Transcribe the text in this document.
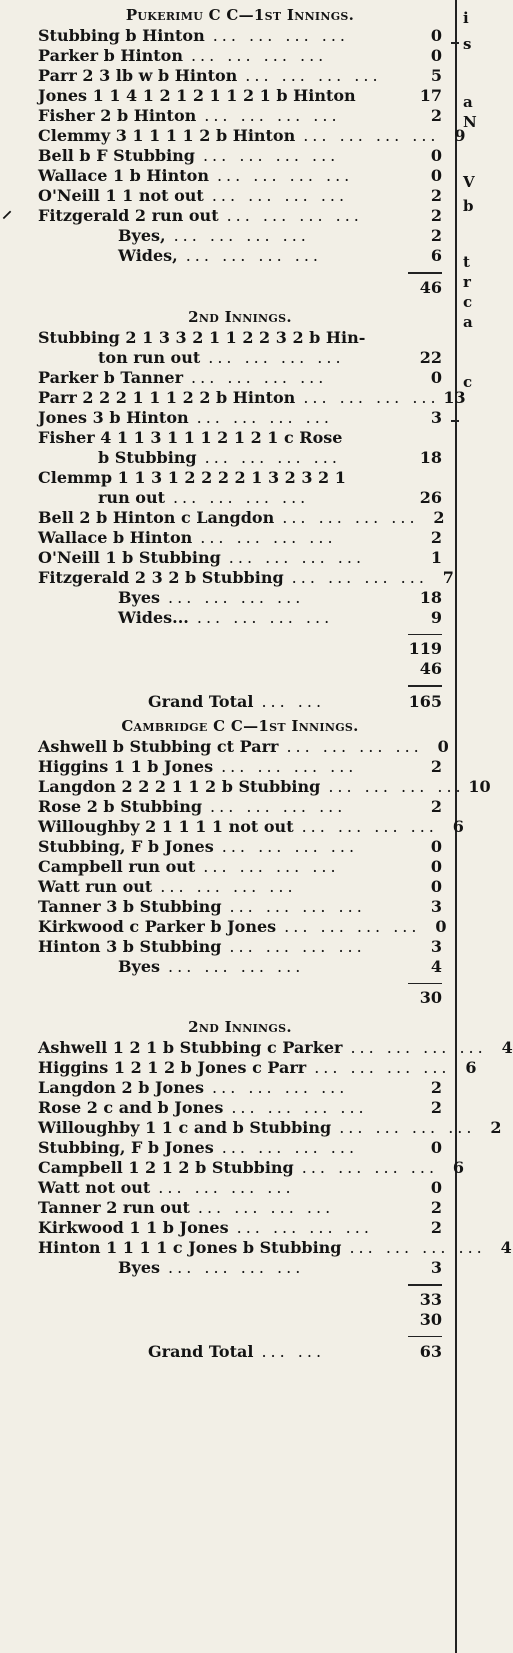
⸝
Pukerimu C C—1st Innings.
Stubbing b Hinton ... ... ... ...	0
Parker b Hinton ... ... ... ...	0
Parr 2 3 lb w b Hinton ... ... ... ...	5
Jones 1 1 4 1 2 1 2 1 1 2 1 b Hinton	17
Fisher 2 b Hinton ... ... ... ...	2
Clemmy 3 1 1 1 1 2 b Hinton ... ... ... ... 9
Bell b F Stubbing ... ... ... ...	0
Wallace 1 b Hinton ... ... ... ...	0
O'Neill 1 1 not out ... ... ... ...	2
Fitzgerald 2 run out ... ... ... ...	2
Byes, ... ... ... ...	2
Wides, ... ... ... ...	6
46
2nd Innings.
Stubbing 2 1 3 3 2 1 1 2 2 3 2 b Hin-
ton run out ... ... ... ...	22
Parker b Tanner ... ... ... ...	0
Parr 2 2 2 1 1 1 2 2 b Hinton ... ... ... ... 13
Jones 3 b Hinton ... ... ... ...	3
Fisher 4 1 1 3 1 1 1 2 1 2 1 c Rose
b Stubbing ... ... ... ...	18
Clemmp 1 1 3 1 2 2 2 2 1 3 2 3 2 1
run out ... ... ... ...	26
Bell 2 b Hinton c Langdon ... ... ... ... 2
Wallace b Hinton ... ... ... ...	2
O'Neill 1 b Stubbing ... ... ... ...	1
Fitzgerald 2 3 2 b Stubbing ... ... ... ... 7
Byes ... ... ... ...	18
Wides... ... ... ... ...	9
119
46
Grand Total ... ...	165
Cambridge C C—1st Innings.
Ashwell b Stubbing ct Parr ... ... ... ... 0
Higgins 1 1 b Jones ... ... ... ...	2
Langdon 2 2 2 1 1 2 b Stubbing ... ... ... ... 10
Rose 2 b Stubbing ... ... ... ...	2
Willoughby 2 1 1 1 1 not out ... ... ... ... 6
Stubbing, F b Jones ... ... ... ...	0
Campbell run out ... ... ... ...	0
Watt run out ... ... ... ...	0
Tanner 3 b Stubbing ... ... ... ...	3
Kirkwood c Parker b Jones ... ... ... ... 0
Hinton 3 b Stubbing ... ... ... ...	3
Byes ... ... ... ...	4
30
2nd Innings.
Ashwell 1 2 1 b Stubbing c Parker ... ... ... ... 4
Higgins 1 2 1 2 b Jones c Parr ... ... ... ... 6
Langdon 2 b Jones ... ... ... ...	2
Rose 2 c and b Jones ... ... ... ...	2
Willoughby 1 1 c and b Stubbing ... ... ... ... 2
Stubbing, F b Jones ... ... ... ...	0
Campbell 1 2 1 2 b Stubbing ... ... ... ... 6
Watt not out ... ... ... ...	0
Tanner 2 run out ... ... ... ...	2
Kirkwood 1 1 b Jones ... ... ... ...	2
Hinton 1 1 1 1 c Jones b Stubbing ... ... ... ... 4
Byes ... ... ... ...	3
33
30
Grand Total ... ...	63
i
s
a
N
V
b
t
r
c
a
c
